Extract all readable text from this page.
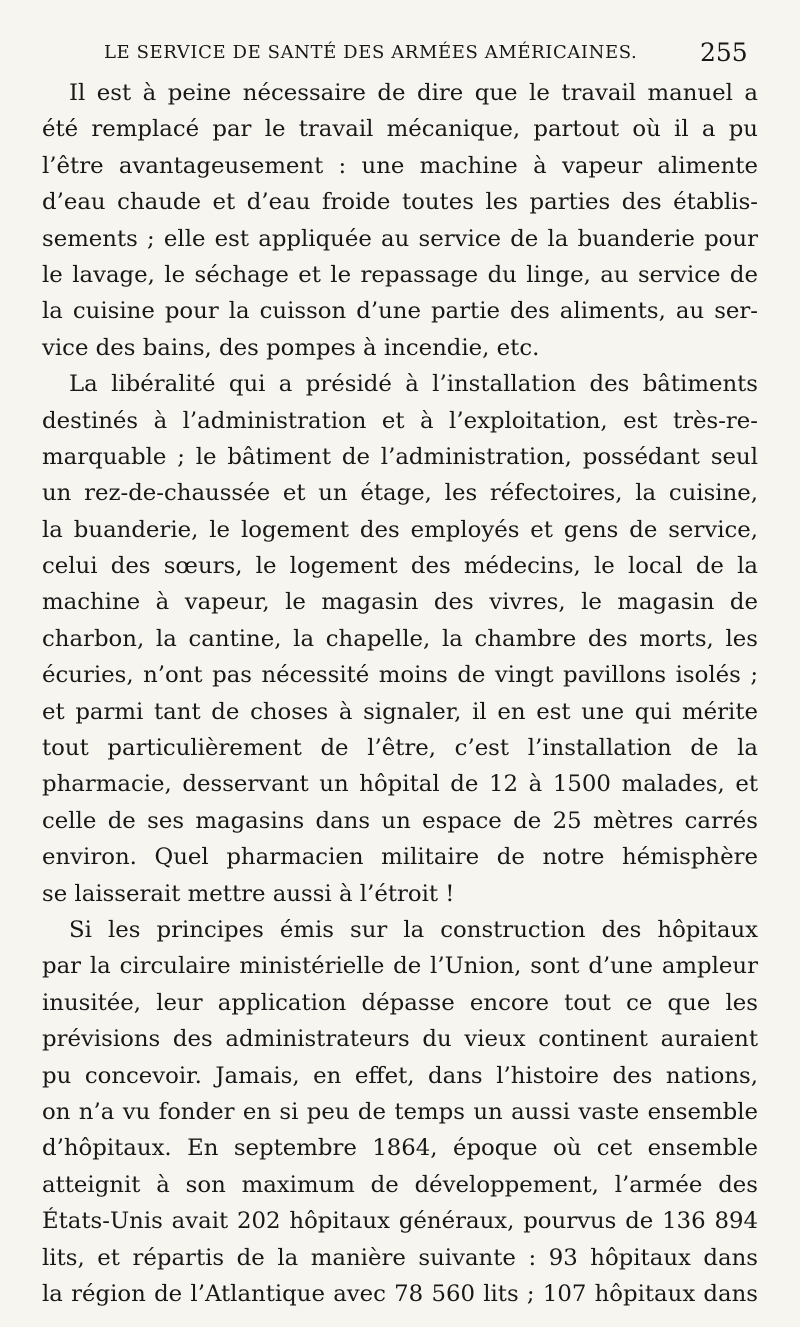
LE SERVICE DE SANTÉ DES ARMÉES AMÉRICAINES.	255
Il est à peine nécessaire de dire que le travail manuel a
été remplacé par le travail mécanique, partout où il a pu
l’être avantageusement : une machine à vapeur alimente
d’eau chaude et d’eau froide toutes les parties des établis-
sements ; elle est appliquée au service de la buanderie pour
le lavage, le séchage et le repassage du linge, au service de
la cuisine pour la cuisson d’une partie des aliments, au ser-
vice des bains, des pompes à incendie, etc.
La libéralité qui a présidé à l’installation des bâtiments
destinés à l’administration et à l’exploitation, est très-re-
marquable ; le bâtiment de l’administration, possédant seul
un rez-de-chaussée et un étage, les réfectoires, la cuisine,
la buanderie, le logement des employés et gens de service,
celui des sœurs, le logement des médecins, le local de la
machine à vapeur, le magasin des vivres, le magasin de
charbon, la cantine, la chapelle, la chambre des morts, les
écuries, n’ont pas nécessité moins de vingt pavillons isolés ;
et parmi tant de choses à signaler, il en est une qui mérite
tout particulièrement de l’être, c’est l’installation de la
pharmacie, desservant un hôpital de 12 à 1500 malades, et
celle de ses magasins dans un espace de 25 mètres carrés
environ. Quel pharmacien militaire de notre hémisphère
se laisserait mettre aussi à l’étroit !
Si les principes émis sur la construction des hôpitaux
par la circulaire ministérielle de l’Union, sont d’une ampleur
inusitée, leur application dépasse encore tout ce que les
prévisions des administrateurs du vieux continent auraient
pu concevoir. Jamais, en effet, dans l’histoire des nations,
on n’a vu fonder en si peu de temps un aussi vaste ensemble
d’hôpitaux. En septembre 1864, époque où cet ensemble
atteignit à son maximum de développement, l’armée des
États-Unis avait 202 hôpitaux généraux, pourvus de 136 894
lits, et répartis de la manière suivante : 93 hôpitaux dans
la région de l’Atlantique avec 78 560 lits ; 107 hôpitaux dans
